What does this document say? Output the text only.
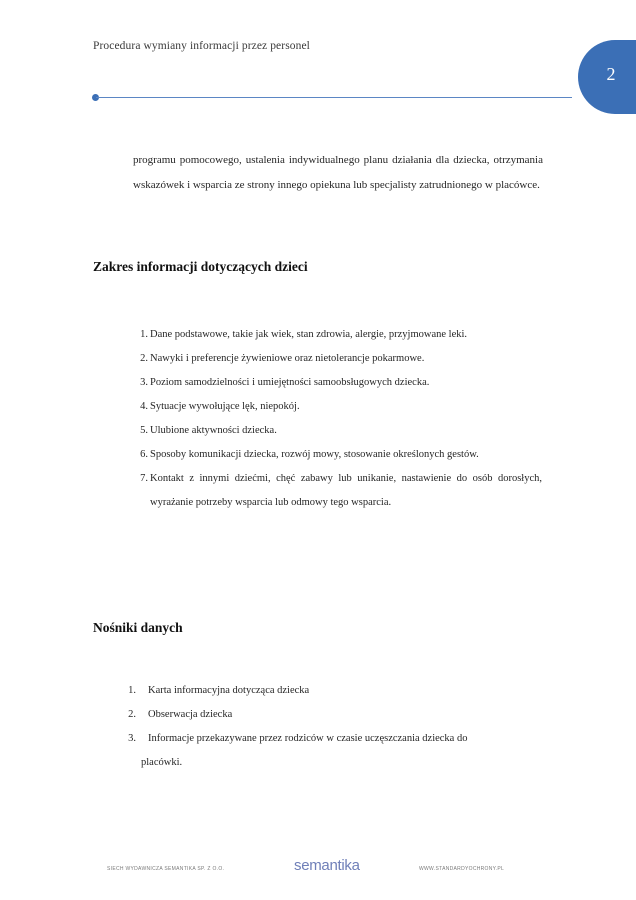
Procedura wymiany informacji przez personel
2
programu pomocowego, ustalenia indywidualnego planu działania dla dziecka, otrzymania wskazówek i wsparcia ze strony innego opiekuna lub specjalisty zatrudnionego w placówce.
Zakres informacji dotyczących dzieci
1. Dane podstawowe, takie jak wiek, stan zdrowia, alergie, przyjmowane leki.
2. Nawyki i preferencje żywieniowe oraz nietolerancje pokarmowe.
3. Poziom samodzielności i umiejętności samoobsługowych dziecka.
4. Sytuacje wywołujące lęk, niepokój.
5. Ulubione aktywności dziecka.
6. Sposoby komunikacji dziecka, rozwój mowy, stosowanie określonych gestów.
7. Kontakt z innymi dziećmi, chęć zabawy lub unikanie, nastawienie do osób dorosłych, wyrażanie potrzeby wsparcia lub odmowy tego wsparcia.
Nośniki danych
1. Karta informacyjna dotycząca dziecka
2. Obserwacja dziecka
3. Informacje przekazywane przez rodziców w czasie uczęszczania dziecka do
placówki.
SIECH WYDAWNICZA SEMANTIKA SP. Z O.O.	semantika	WWW.STANDARDYOCHRONY.PL
